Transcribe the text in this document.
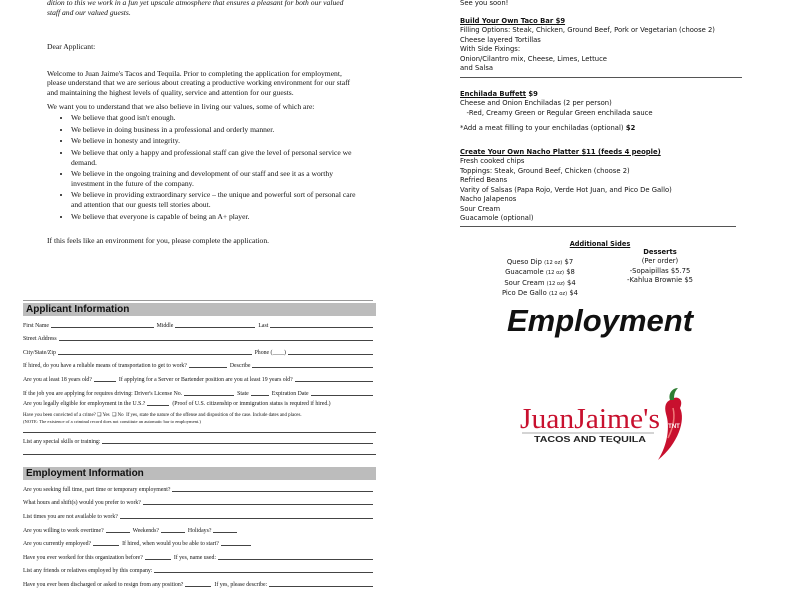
dition to this we work in a fun yet upscale atmosphere that ensures a pleasant for both our valued staff and our valued guests.

Dear Applicant:

Welcome to Juan Jaime's Tacos and Tequila. Prior to completing the application for employment, please understand that we are serious about creating a productive working environment for our staff and maintaining the highest levels of quality, service and attention for our guests.

We want you to understand that we also believe in living our values, some of which are:

• We believe that good isn't enough.
• We believe in doing business in a professional and orderly manner.
• We believe in honesty and integrity.
• We believe that only a happy and professional staff can give the level of personal service we demand.
• We believe in the ongoing training and development of our staff and see it as a worthy investment in the future of the company.
• We believe in providing extraordinary service – the unique and powerful sort of personal care and attention that our guests tell stories about.
• We believe that everyone is capable of being an A+ player.

If this feels like an environment for you, please complete the application.

Applicant Information
First Name	Middle	Last
Street Address
City/State/Zip	Phone
(____)
If hired, do you have a reliable means of transportation to get to work?	Describe
Are you at least 18 years old?	If applying for a Server or Bartender position are you at least 19 years old?
If the job you are applying for requires driving: Driver's License No.	State	Expiration Date
Are you legally eligible for employment in the U.S.?	(Proof of U.S. citizenship or immigration status is required if hired.)
Have you been convicted of a crime?
❑ Yes
❑ No
If yes, state the nature of the offense and disposition of the case. Include dates and places.
(NOTE: The existence of a criminal record does not constitute an automatic bar to employment.)
List any special skills or training:
Employment Information
Are you seeking full time, part time or temporary employment?
What hours and shift(s) would you prefer to work?
List times you are not available to work?
Are you willing to work overtime?	Weekends?	Holidays?
Are you currently employed?	If hired, when would you be able to start?
Have you ever worked for this organization before?	If yes, name used:
List any friends or relatives employed by this company:
Have you ever been discharged or asked to resign from any position?	If yes, please describe:
See you soon!
Build Your Own Taco Bar $9
Filling Options: Steak, Chicken, Ground Beef, Pork or Vegetarian (choose 2)
Cheese layered Tortillas
With Side Fixings:
Onion/Cilantro mix, Cheese, Limes, Lettuce
and Salsa
Enchilada Buffett $9
Cheese and Onion Enchiladas (2 per person)
-Red, Creamy Green or Regular Green enchilada sauce
*Add a meat filling to your enchiladas (optional) $2
Create Your Own Nacho Platter $11 (feeds 4 people)
Fresh cooked chips
Toppings: Steak, Ground Beef, Chicken (choose 2)
Refried Beans
Varity of Salsas (Papa Rojo, Verde Hot Juan, and Pico De Gallo)
Nacho Jalapenos
Sour Cream
Guacamole (optional)
Additional Sides
Queso Dip (12 oz) $7
Guacamole (12 oz) $8
Sour Cream (12 oz) $4
Pico De Gallo (12 oz) $4
Desserts
(Per order)
-Sopaipillas $5.75
-Kahlua Brownie $5
Employment
TNT
JuanJaime's
TACOS AND TEQUILA
